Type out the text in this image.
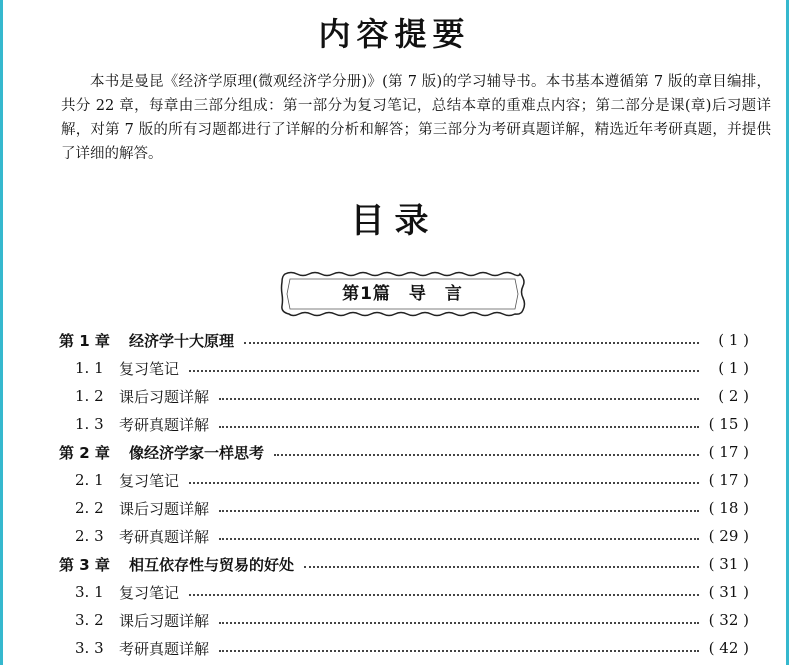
内容提要

本书是曼昆《经济学原理(微观经济学分册)》(第 7 版)的学习辅导书。本书基本遵循第 7 版的章目编排，共分 22 章，每章由三部分组成：第一部分为复习笔记，总结本章的重难点内容；第二部分是课(章)后习题详解，对第 7 版的所有习题都进行了详解的分析和解答；第三部分为考研真题详解，精选近年考研真题，并提供了详细的解答。

目录
第1篇　导　言
第 1 章	经济学十大原理	( 1 )
1. 1	复习笔记	( 1 )
1. 2	课后习题详解	( 2 )
1. 3	考研真题详解	( 15 )
第 2 章	像经济学家一样思考	( 17 )
2. 1	复习笔记	( 17 )
2. 2	课后习题详解	( 18 )
2. 3	考研真题详解	( 29 )
第 3 章	相互依存性与贸易的好处	( 31 )
3. 1	复习笔记	( 31 )
3. 2	课后习题详解	( 32 )
3. 3	考研真题详解	( 42 )
